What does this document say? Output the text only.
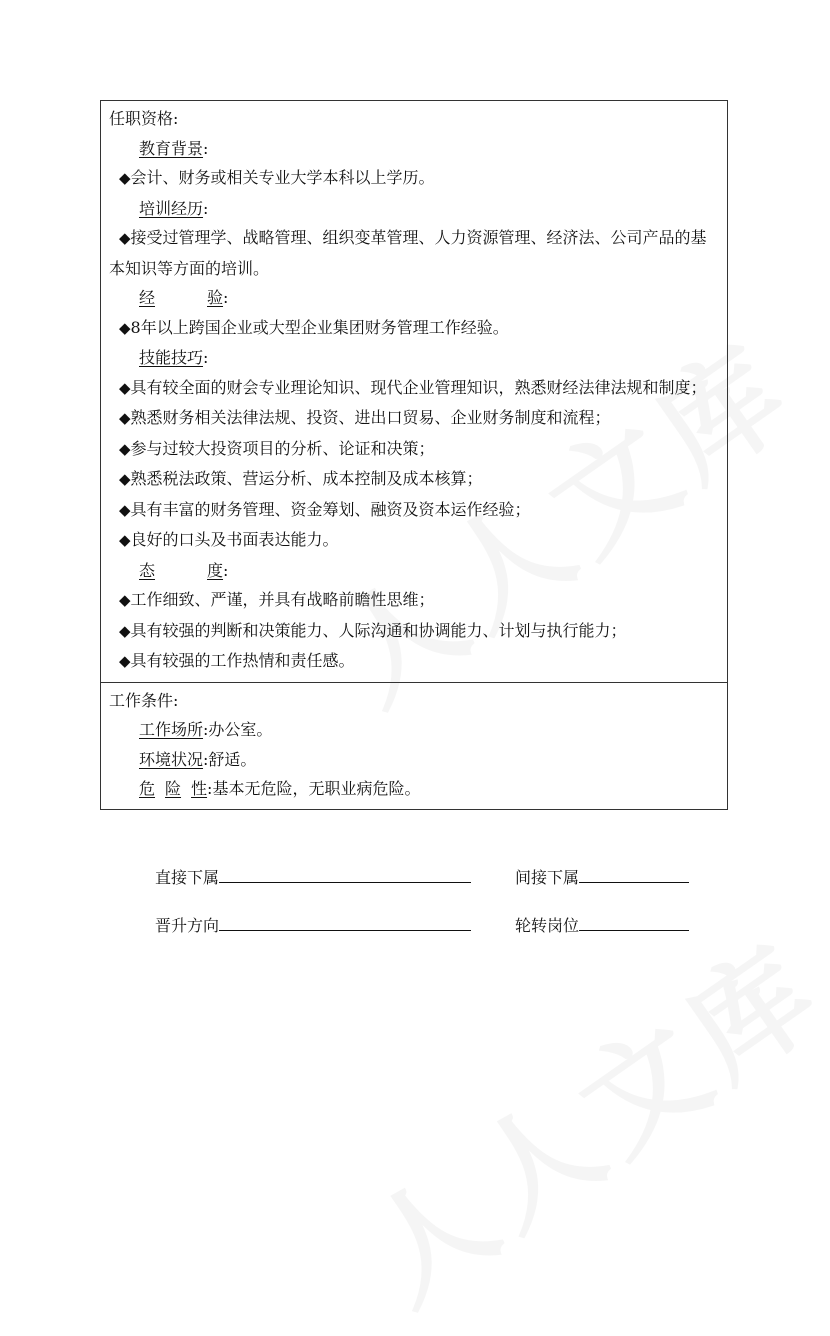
任职资格:
教育背景:
◆会计、财务或相关专业大学本科以上学历。
培训经历:
◆接受过管理学、战略管理、组织变革管理、人力资源管理、经济法、公司产品的基本知识等方面的培训。
经	验:
◆8年以上跨国企业或大型企业集团财务管理工作经验。
技能技巧:
◆具有较全面的财会专业理论知识、现代企业管理知识，熟悉财经法律法规和制度；
◆熟悉财务相关法律法规、投资、进出口贸易、企业财务制度和流程；
◆参与过较大投资项目的分析、论证和决策；
◆熟悉税法政策、营运分析、成本控制及成本核算；
◆具有丰富的财务管理、资金筹划、融资及资本运作经验；
◆良好的口头及书面表达能力。
态	度:
◆工作细致、严谨，并具有战略前瞻性思维；
◆具有较强的判断和决策能力、人际沟通和协调能力、计划与执行能力；
◆具有较强的工作热情和责任感。

工作条件:
工作场所:办公室。
环境状况:舒适。
危 险 性:基本无危险，无职业病危险。
直接下属	间接下属
晋升方向	轮转岗位
